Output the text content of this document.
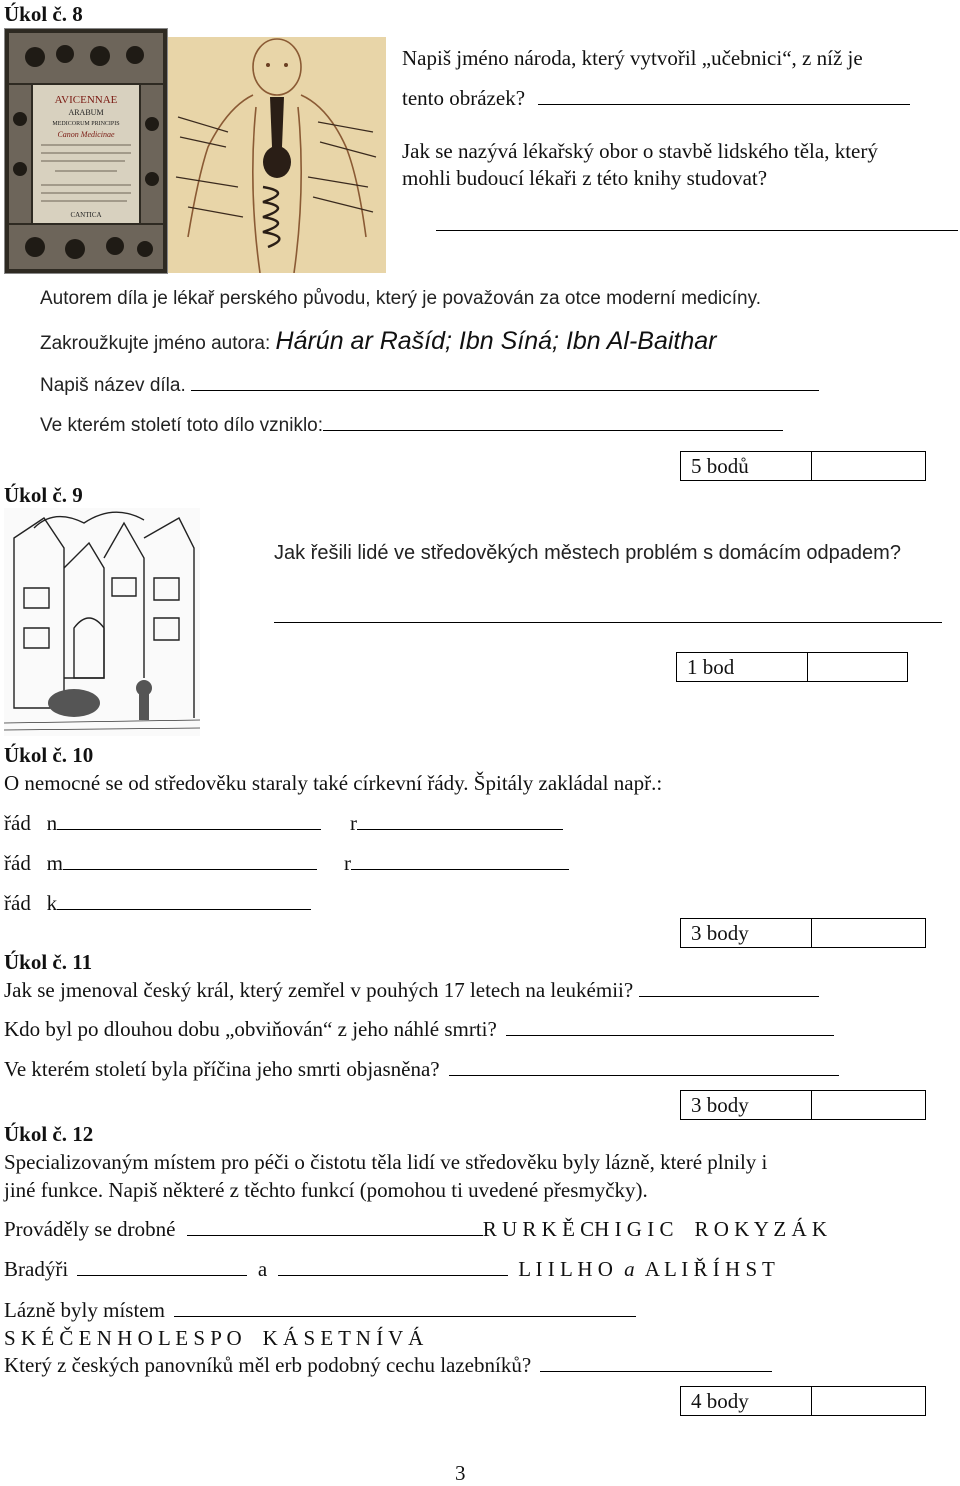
Úkol č. 8
AVICENNAE
ARABUM
MEDICORUM PRINCIPIS
Canon Medicinae
CANTICA
Napiš jméno národa, který vytvořil „učebnici“, z níž je
tento obrázek?
Jak se nazývá lékařský obor o stavbě lidského těla, který
mohli budoucí lékaři z této knihy studovat?
Autorem díla je lékař perského původu, který je považován za otce moderní medicíny.
Zakroužkujte jméno autora: Hárún ar Rašíd; Ibn Síná; Ibn Al-Baithar
Napiš název díla.
Ve kterém století toto dílo vzniklo:
5 bodů
Úkol č. 9
Jak řešili lidé ve středověkých městech problém s domácím odpadem?
1 bod
Úkol č. 10
O nemocné se od středověku staraly také církevní řády. Špitály zakládal např.:
řád n	r
řád m	r
řád k
3 body
Úkol č. 11
Jak se jmenoval český král, který zemřel v pouhých 17 letech na leukémii?
Kdo byl po dlouhou dobu „obviňován“ z jeho náhlé smrti?
Ve kterém století byla příčina jeho smrti objasněna?
3 body
Úkol č. 12
Specializovaným místem pro péči o čistotu těla lidí ve středověku byly lázně, které plnily i
jiné funkce. Napiš některé z těchto funkcí (pomohou ti uvedené přesmyčky).
Prováděly se drobné	R U R K Ě CH I G I C    R O K Y Z Á K
Bradýři	a	L I I L H O a A L I Ř Í H S T
Lázně byly místem
S K É Č E N H O L E S P O    K Á S E T N Í V Á
Který z českých panovníků měl erb podobný cechu lazebníků?
4 body
3
